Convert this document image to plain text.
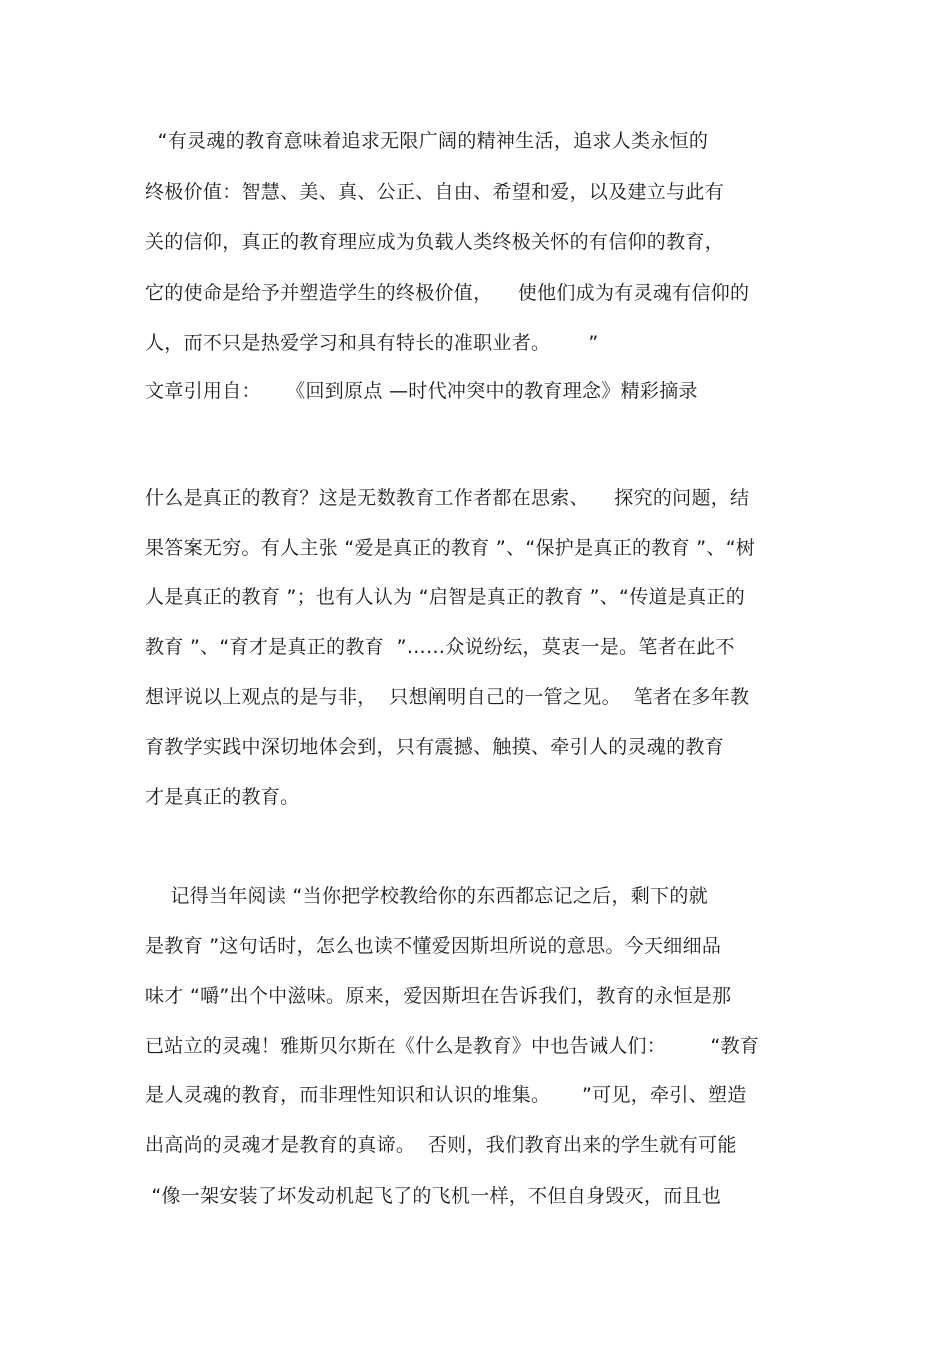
“有灵魂的教育意味着追求无限广阔的精神生活，追求人类永恒的
终极价值：智慧、美、真、公正、自由、希望和爱，以及建立与此有
关的信仰，真正的教育理应成为负载人类终极关怀的有信仰的教育，
它的使命是给予并塑造学生的终极价值，    使他们成为有灵魂有信仰的
人，而不只是热爱学习和具有特长的准职业者。      ”
文章引用自：    《回到原点 —时代冲突中的教育理念》精彩摘录
什么是真正的教育？这是无数教育工作者都在思索、    探究的问题，结
果答案无穷。有人主张 “爱是真正的教育 ”、“保护是真正的教育 ”、“树
人是真正的教育 ”；也有人认为 “启智是真正的教育 ”、“传道是真正的
教育 ”、“育才是真正的教育  ”……众说纷纭，莫衷一是。笔者在此不
想评说以上观点的是与非，  只想阐明自己的一管之见。  笔者在多年教
育教学实践中深切地体会到，只有震撼、触摸、牵引人的灵魂的教育
才是真正的教育。
记得当年阅读 “当你把学校教给你的东西都忘记之后，剩下的就
是教育 ”这句话时，怎么也读不懂爱因斯坦所说的意思。今天细细品
味才 “嚼”出个中滋味。原来，爱因斯坦在告诉我们，教育的永恒是那
已站立的灵魂！雅斯贝尔斯在《什么是教育》中也告诫人们：       “教育
是人灵魂的教育，而非理性知识和认识的堆集。     ”可见，牵引、塑造
出高尚的灵魂才是教育的真谛。  否则，我们教育出来的学生就有可能
“像一架安装了坏发动机起飞了的飞机一样，不但自身毁灭，而且也
